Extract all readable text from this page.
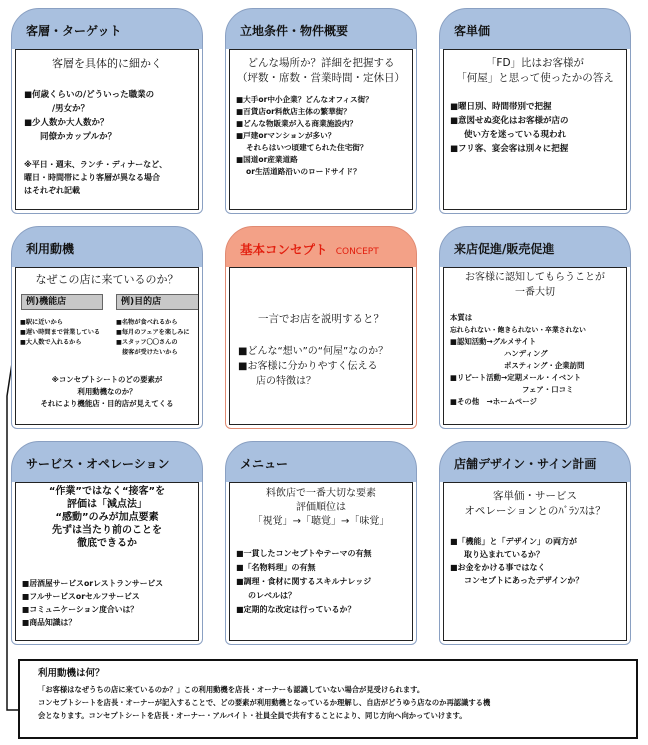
客層・ターゲット
客層を具体的に細かく
■何歳くらいの/どういった職業の
/男女か？
■少人数か大人数か？
同僚かカップルか？
※平日・週末、ランチ・ディナーなど、
曜日・時間帯により客層が異なる場合
はそれぞれ記載
立地条件・物件概要
どんな場所か？詳細を把握する
（坪数・席数・営業時間・定休日）
■大手or中小企業？どんなオフィス街？
■百貨店or料飲店主体の繁華街？
■どんな物販業が入る商業施設内？
■戸建orマンションが多い？
それらはいつ頃建てられた住宅街？
■国道or産業道路
or生活道路沿いのロードサイド？
客単価
「FD」比はお客様が
「何屋」と思って使ったかの答え
■曜日別、時間帯別で把握
■意図せぬ変化はお客様が店の
使い方を迷っている現われ
■フリ客、宴会客は別々に把握
利用動機
なぜこの店に来ているのか？
例)機能店	例)目的店
■駅に近いから
■遅い時間まで営業している
■大人数で入れるから
■名物が食べれるから
■毎月のフェアを楽しみに
■スタッフ〇〇さんの
接客が受けたいから
※コンセプトシートのどの要素が
利用動機なのか？
それにより機能店・目的店が見えてくる
基本コンセプト CONCEPT
一言でお店を説明すると？
■どんな“想い”の“何屋”なのか？
■お客様に分かりやすく伝える
店の特徴は？
来店促進/販売促進
お客様に認知してもらうことが
一番大切
本質は
忘れられない・飽きられない・卒業されない
■認知活動→グルメサイト
ハンディング
ポスティング・企業訪問
■リピート活動→定期メール・イベント
フェア・口コミ
■その他　→ホームページ
サービス・オペレーション
“作業”ではなく“接客”を
評価は「減点法」
“感動”のみが加点要素
先ずは当たり前のことを
徹底できるか
■居酒屋サービスorレストランサービス
■フルサービスorセルフサービス
■コミュニケーション度合いは？
■商品知識は？
メニュー
料飲店で一番大切な要素
評価順位は
「視覚」→「聴覚」→「味覚」
■一貫したコンセプトやテーマの有無
■「名物料理」の有無
■調理・食材に関するスキルナレッジ
のレベルは？
■定期的な改定は行っているか？
店舗デザイン・サイン計画
客単価・サービス
オペレーションとのﾊﾞﾗﾝｽは？
■「機能」と「デザイン」の両方が
取り込まれているか？
■お金をかける事ではなく
コンセプトにあったデザインか？
利用動機は何？
「お客様はなぜうちの店に来ているのか？」この利用動機を店長・オーナーも認識していない場合が見受けられます。
コンセプトシートを店長・オーナーが記入することで、どの要素が利用動機となっているか理解し、自店がどうゆう店なのか再認識する機
会となります。コンセプトシートを店長・オーナー・アルバイト・社員全員で共有することにより、同じ方向へ向かっていけます。
